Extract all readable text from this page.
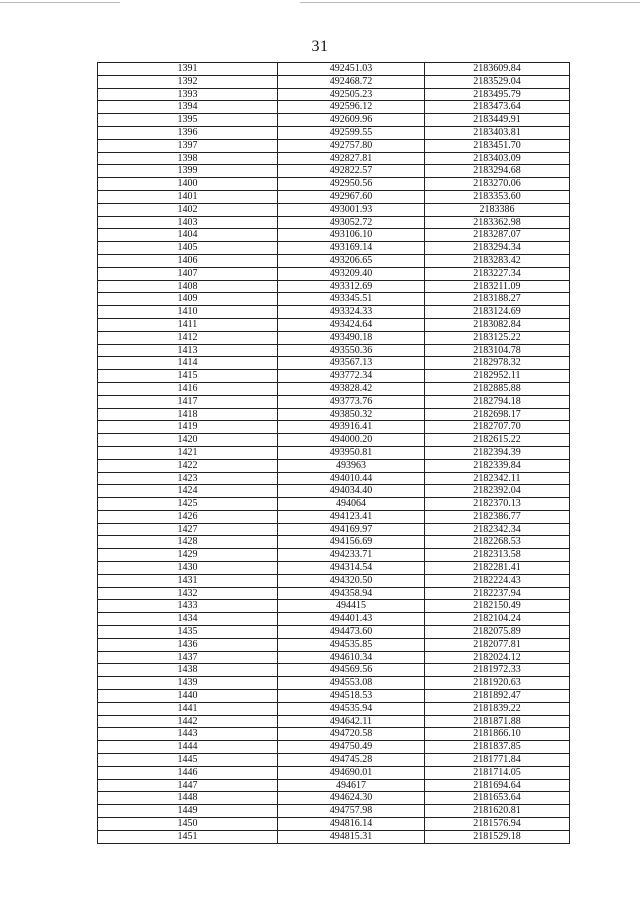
31
1391	492451.03	2183609.84
1392	492468.72	2183529.04
1393	492505.23	2183495.79
1394	492596.12	2183473.64
1395	492609.96	2183449.91
1396	492599.55	2183403.81
1397	492757.80	2183451.70
1398	492827.81	2183403.09
1399	492822.57	2183294.68
1400	492950.56	2183270.06
1401	492967.60	2183353.60
1402	493001.93	2183386
1403	493052.72	2183362.98
1404	493106.10	2183287.07
1405	493169.14	2183294.34
1406	493206.65	2183283.42
1407	493209.40	2183227.34
1408	493312.69	2183211.09
1409	493345.51	2183188.27
1410	493324.33	2183124.69
1411	493424.64	2183082.84
1412	493490.18	2183125.22
1413	493550.36	2183104.78
1414	493567.13	2182978.32
1415	493772.34	2182952.11
1416	493828.42	2182885.88
1417	493773.76	2182794.18
1418	493850.32	2182698.17
1419	493916.41	2182707.70
1420	494000.20	2182615.22
1421	493950.81	2182394.39
1422	493963	2182339.84
1423	494010.44	2182342.11
1424	494034.40	2182392.04
1425	494064	2182370.13
1426	494123.41	2182386.77
1427	494169.97	2182342.34
1428	494156.69	2182268.53
1429	494233.71	2182313.58
1430	494314.54	2182281.41
1431	494320.50	2182224.43
1432	494358.94	2182237.94
1433	494415	2182150.49
1434	494401.43	2182104.24
1435	494473.60	2182075.89
1436	494535.85	2182077.81
1437	494610.34	2182024.12
1438	494569.56	2181972.33
1439	494553.08	2181920.63
1440	494518.53	2181892.47
1441	494535.94	2181839.22
1442	494642.11	2181871.88
1443	494720.58	2181866.10
1444	494750.49	2181837.85
1445	494745.28	2181771.84
1446	494690.01	2181714.05
1447	494617	2181694.64
1448	494624.30	2181653.64
1449	494757.98	2181620.81
1450	494816.14	2181576.94
1451	494815.31	2181529.18
